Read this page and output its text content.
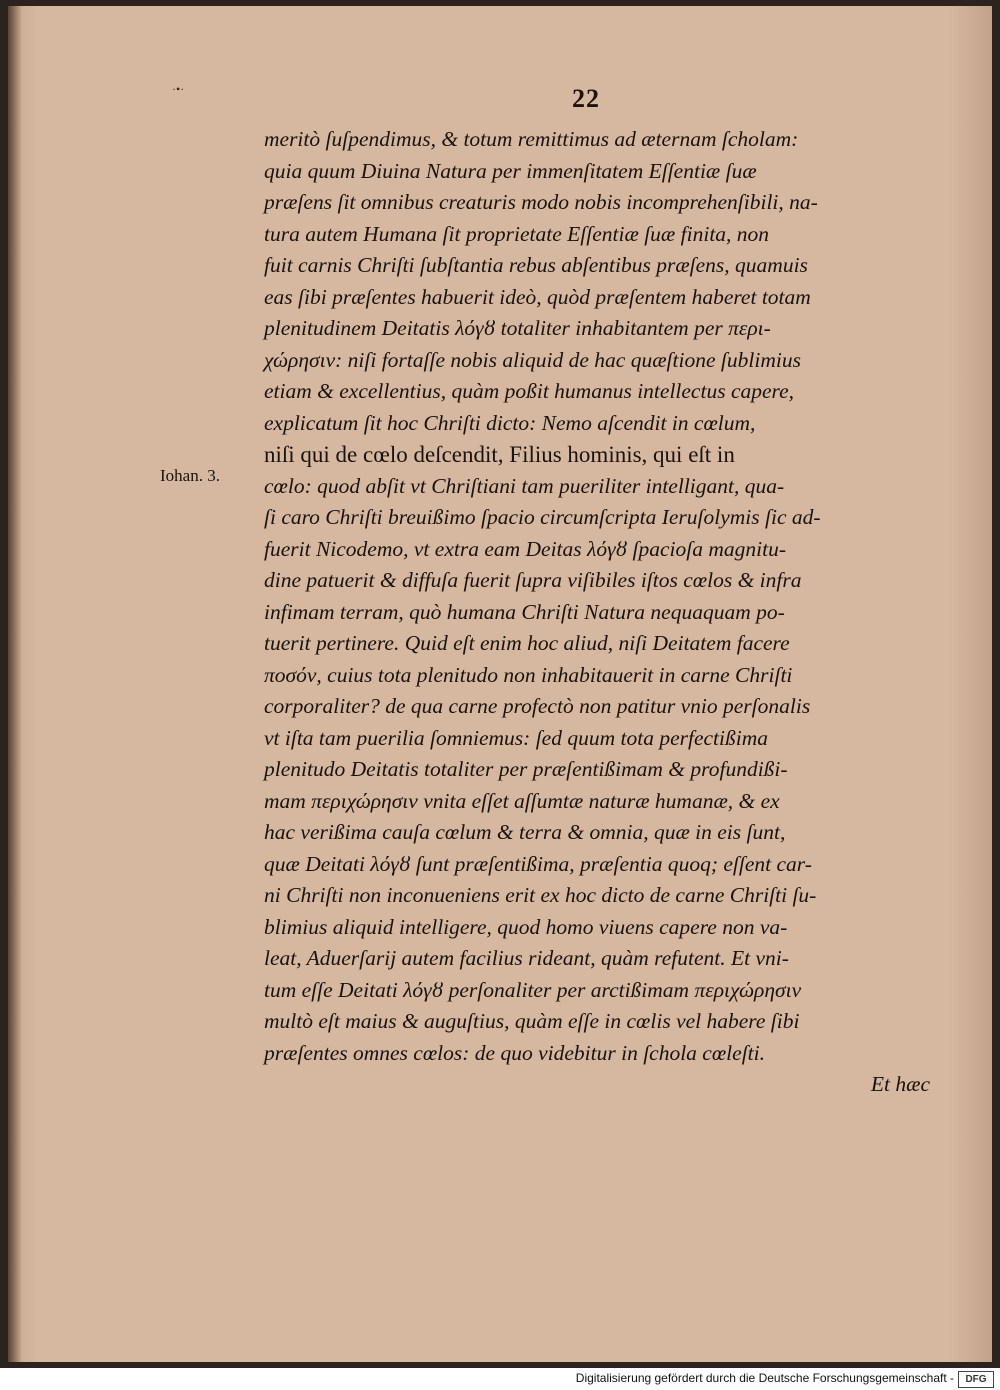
·•·	22
Iohan. 3.
meritò ſuſpendimus, & totum remittimus ad æternam ſcholam:
quia quum Diuina Natura per immenſitatem Eſſentiæ ſuæ
præſens ſit omnibus creaturis modo nobis incomprehenſibili, na-
tura autem Humana ſit proprietate Eſſentiæ ſuæ finita, non
fuit carnis Chriſti ſubſtantia rebus abſentibus præſens, quamuis
eas ſibi præſentes habuerit ideò, quòd præſentem haberet totam
plenitudinem Deitatis λόγȣ totaliter inhabitantem per περι-
χώρησιν: niſi fortaſſe nobis aliquid de hac quæſtione ſublimius
etiam & excellentius, quàm poßit humanus intellectus capere,
explicatum ſit hoc Chriſti dicto: Nemo aſcendit in cœlum,
niſi qui de cœlo deſcendit, Filius hominis, qui eſt in
cœlo: quod abſit vt Chriſtiani tam pueriliter intelligant, qua-
ſi caro Chriſti breuißimo ſpacio circumſcripta Ieruſolymis ſic ad-
fuerit Nicodemo, vt extra eam Deitas λόγȣ ſpacioſa magnitu-
dine patuerit & diffuſa fuerit ſupra viſibiles iſtos cœlos & infra
infimam terram, quò humana Chriſti Natura nequaquam po-
tuerit pertinere. Quid eſt enim hoc aliud, niſi Deitatem facere
ποσόν, cuius tota plenitudo non inhabitauerit in carne Chriſti
corporaliter? de qua carne profectò non patitur vnio perſonalis
vt iſta tam puerilia ſomniemus: ſed quum tota perfectißima
plenitudo Deitatis totaliter per præſentißimam & profundißi-
mam περιχώρησιν vnita eſſet aſſumtæ naturæ humanæ, & ex
hac verißima cauſa cœlum & terra & omnia, quæ in eis ſunt,
quæ Deitati λόγȣ ſunt præſentißima, præſentia quoq; eſſent car-
ni Chriſti non inconueniens erit ex hoc dicto de carne Chriſti ſu-
blimius aliquid intelligere, quod homo viuens capere non va-
leat, Aduerſarij autem facilius rideant, quàm refutent. Et vni-
tum eſſe Deitati λόγȣ perſonaliter per arctißimam περιχώρησιν
multò eſt maius & auguſtius, quàm eſſe in cœlis vel habere ſibi
præſentes omnes cœlos: de quo videbitur in ſchola cœleſti.
Et hæc
Digitalisierung gefördert durch die Deutsche Forschungsgemeinschaft -	DFG
